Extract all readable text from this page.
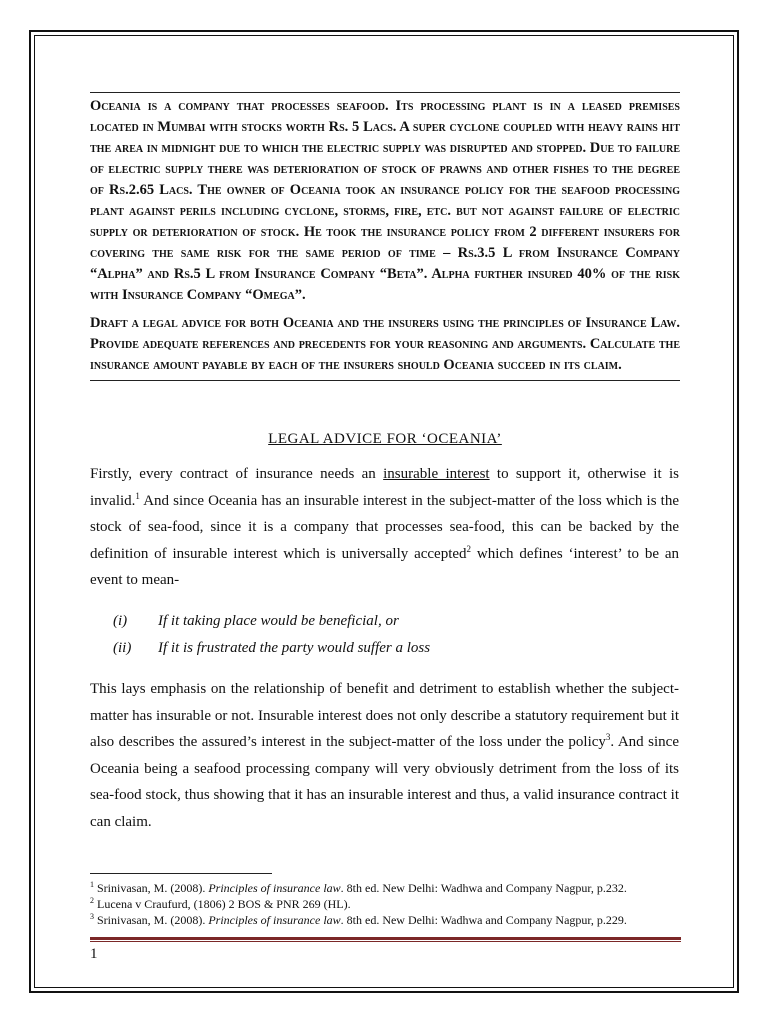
Oceania is a company that processes seafood. Its processing plant is in a leased premises located in Mumbai with stocks worth Rs. 5 Lacs. A super cyclone coupled with heavy rains hit the area in midnight due to which the electric supply was disrupted and stopped. Due to failure of electric supply there was deterioration of stock of prawns and other fishes to the degree of Rs.2.65 Lacs. The owner of Oceania took an insurance policy for the seafood processing plant against perils including cyclone, storms, fire, etc. but not against failure of electric supply or deterioration of stock. He took the insurance policy from 2 different insurers for covering the same risk for the same period of time – Rs.3.5 L from Insurance Company “Alpha” and Rs.5 L from Insurance Company “Beta”. Alpha further insured 40% of the risk with Insurance Company “Omega”.

Draft a legal advice for both Oceania and the insurers using the principles of Insurance Law. Provide adequate references and precedents for your reasoning and arguments. Calculate the insurance amount payable by each of the insurers should Oceania succeed in its claim.

LEGAL ADVICE FOR ‘OCEANIA’

Firstly, every contract of insurance needs an insurable interest to support it, otherwise it is invalid.$^1$ And since Oceania has an insurable interest in the subject-matter of the loss which is the stock of sea-food, since it is a company that processes sea-food, this can be backed by the definition of insurable interest which is universally accepted$^2$ which defines ‘interest’ to be an event to mean-

(i)	If it taking place would be beneficial, or
(ii)	If it is frustrated the party would suffer a loss

This lays emphasis on the relationship of benefit and detriment to establish whether the subject-matter has insurable or not. Insurable interest does not only describe a statutory requirement but it also describes the assured’s interest in the subject-matter of the loss under the policy$^3$. And since Oceania being a seafood processing company will very obviously detriment from the loss of its sea-food stock, thus showing that it has an insurable interest and thus, a valid insurance contract it can claim.

$^1$ Srinivasan, M. (2008). Principles of insurance law. 8th ed. New Delhi: Wadhwa and Company Nagpur, p.232.
$^2$ Lucena v Craufurd, (1806) 2 BOS & PNR 269 (HL).
$^3$ Srinivasan, M. (2008). Principles of insurance law. 8th ed. New Delhi: Wadhwa and Company Nagpur, p.229.
1
